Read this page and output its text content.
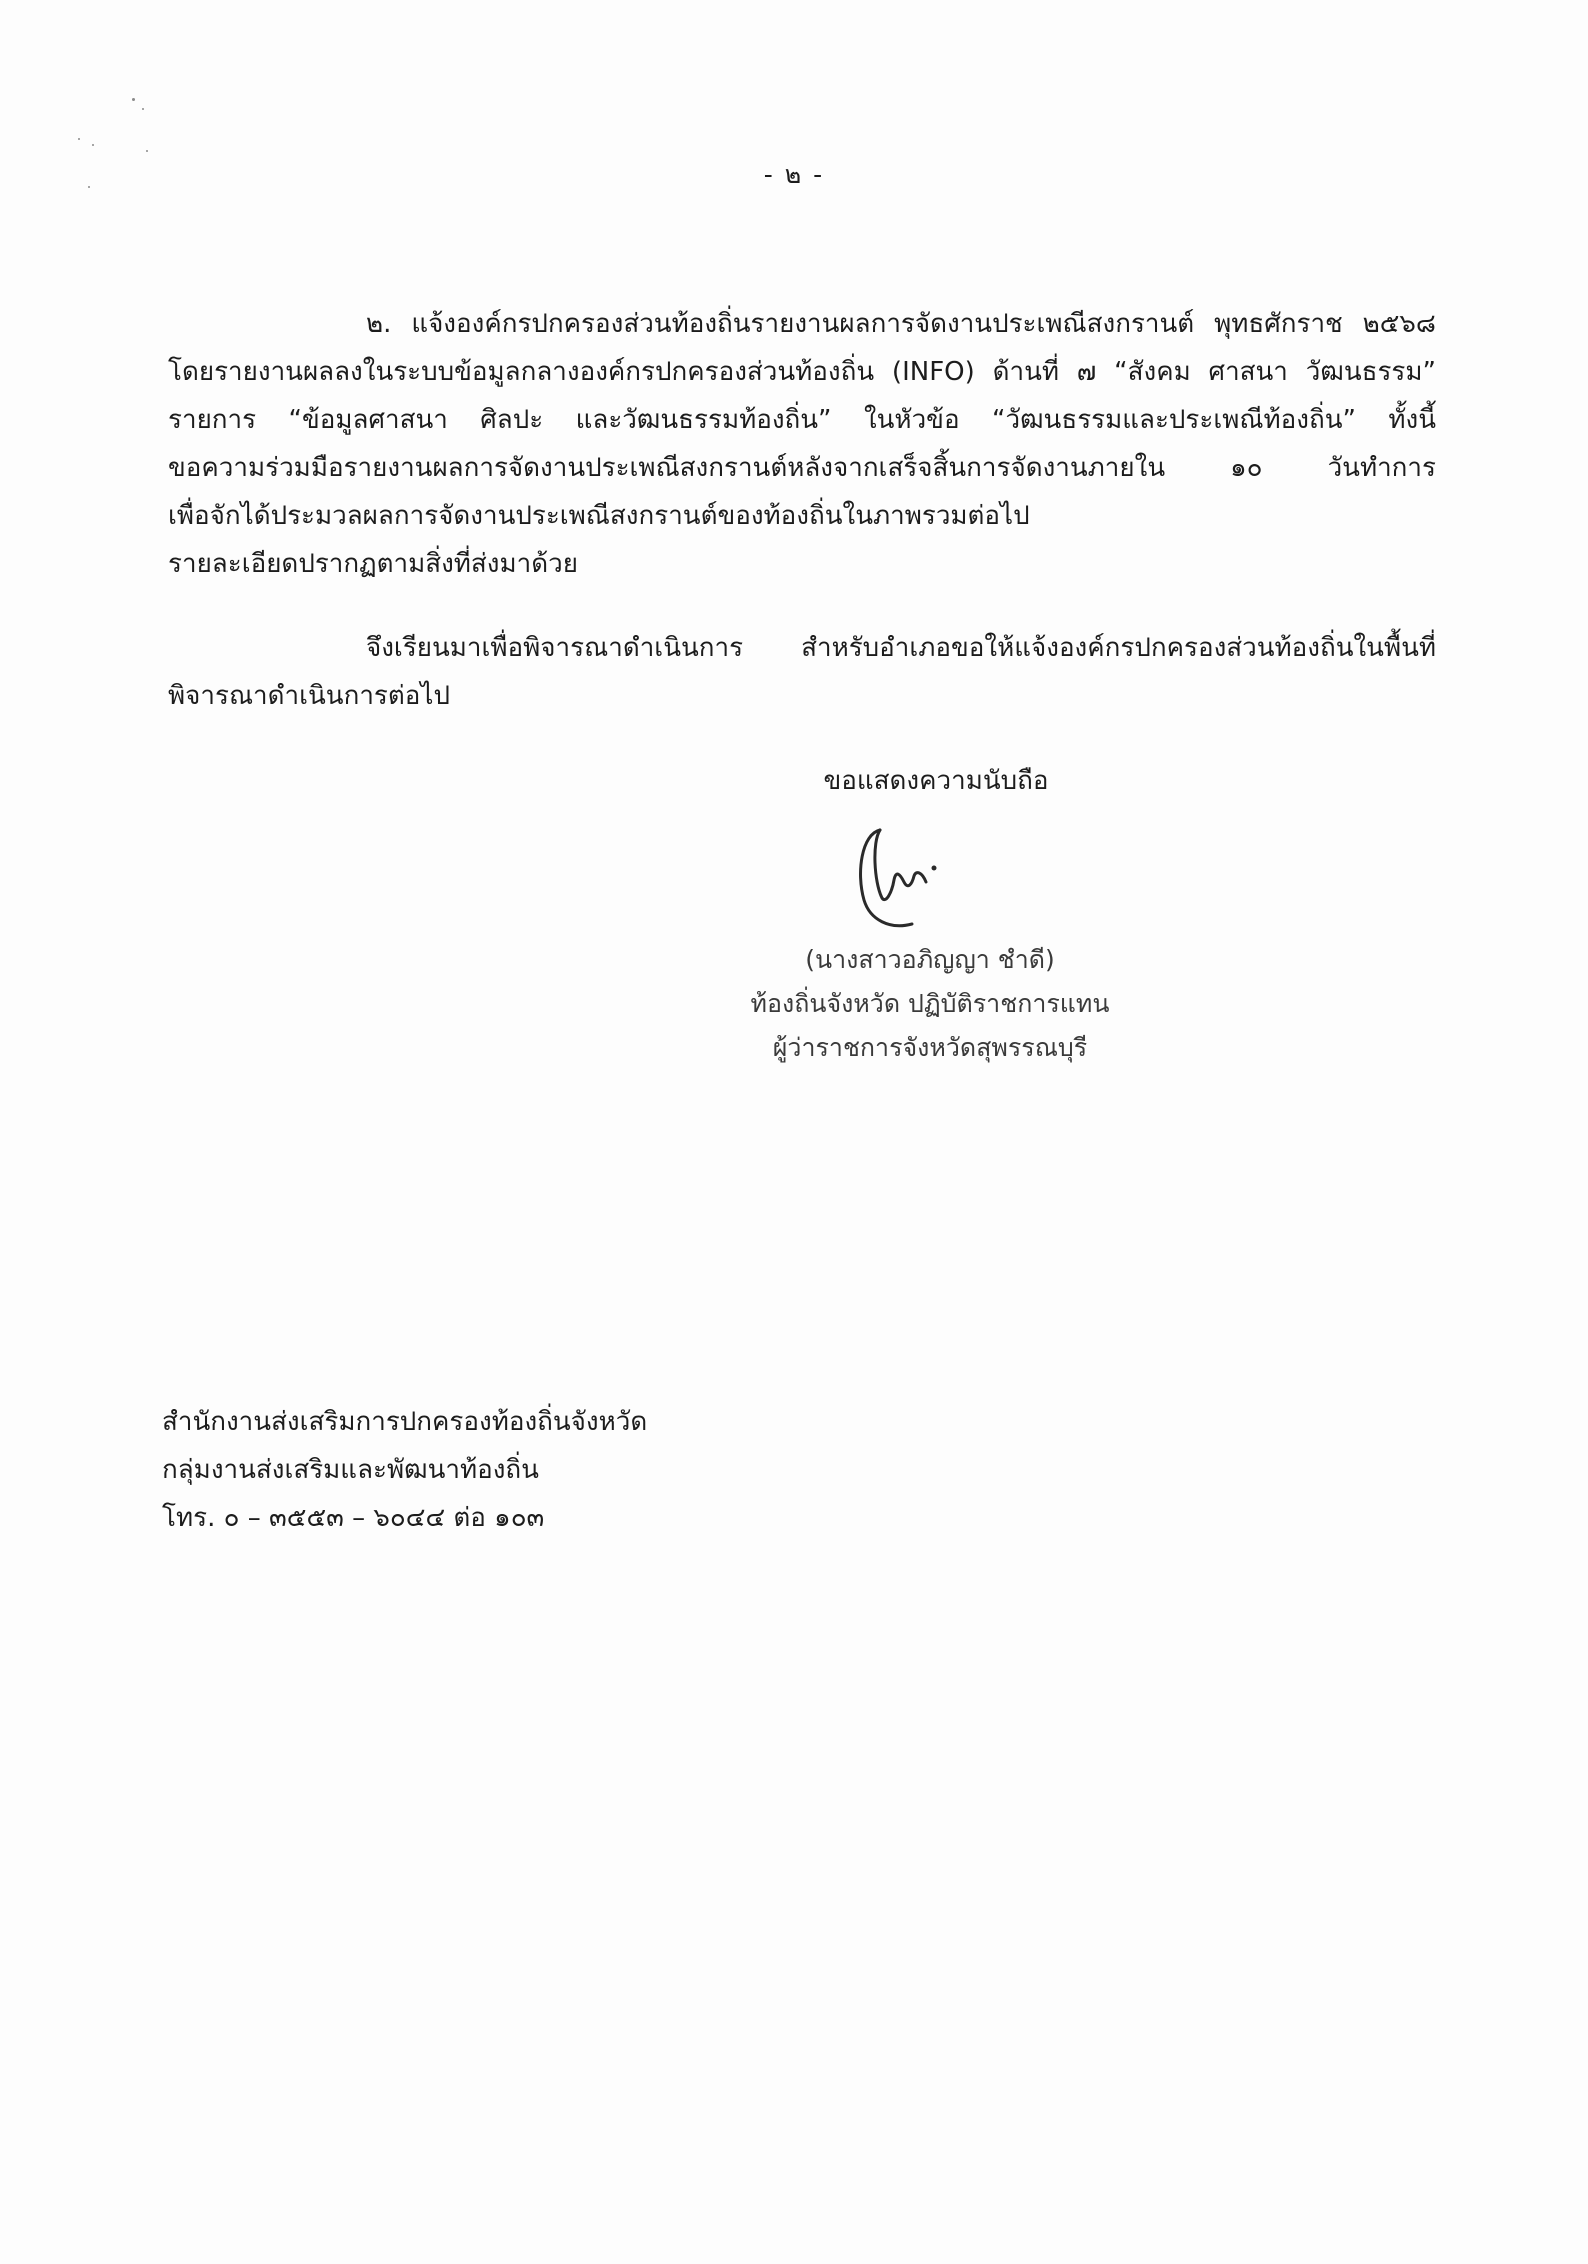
- ๒ -
๒. แจ้งองค์กรปกครองส่วนท้องถิ่นรายงานผลการจัดงานประเพณีสงกรานต์ พุทธศักราช ๒๕๖๘
โดยรายงานผลลงในระบบข้อมูลกลางองค์กรปกครองส่วนท้องถิ่น (INFO) ด้านที่ ๗ “สังคม ศาสนา วัฒนธรรม”
รายการ “ข้อมูลศาสนา ศิลปะ และวัฒนธรรมท้องถิ่น” ในหัวข้อ “วัฒนธรรมและประเพณีท้องถิ่น” ทั้งนี้
ขอความร่วมมือรายงานผลการจัดงานประเพณีสงกรานต์หลังจากเสร็จสิ้นการจัดงานภายใน ๑๐ วันทำการ
เพื่อจักได้ประมวลผลการจัดงานประเพณีสงกรานต์ของท้องถิ่นในภาพรวมต่อไป
รายละเอียดปรากฏตามสิ่งที่ส่งมาด้วย
จึงเรียนมาเพื่อพิจารณาดำเนินการ สำหรับอำเภอขอให้แจ้งองค์กรปกครองส่วนท้องถิ่นในพื้นที่
พิจารณาดำเนินการต่อไป
ขอแสดงความนับถือ
(นางสาวอภิญญา ชำดี)
ท้องถิ่นจังหวัด ปฏิบัติราชการแทน
ผู้ว่าราชการจังหวัดสุพรรณบุรี
สำนักงานส่งเสริมการปกครองท้องถิ่นจังหวัด
กลุ่มงานส่งเสริมและพัฒนาท้องถิ่น
โทร. ๐ – ๓๕๕๓ – ๖๐๔๔ ต่อ ๑๐๓
